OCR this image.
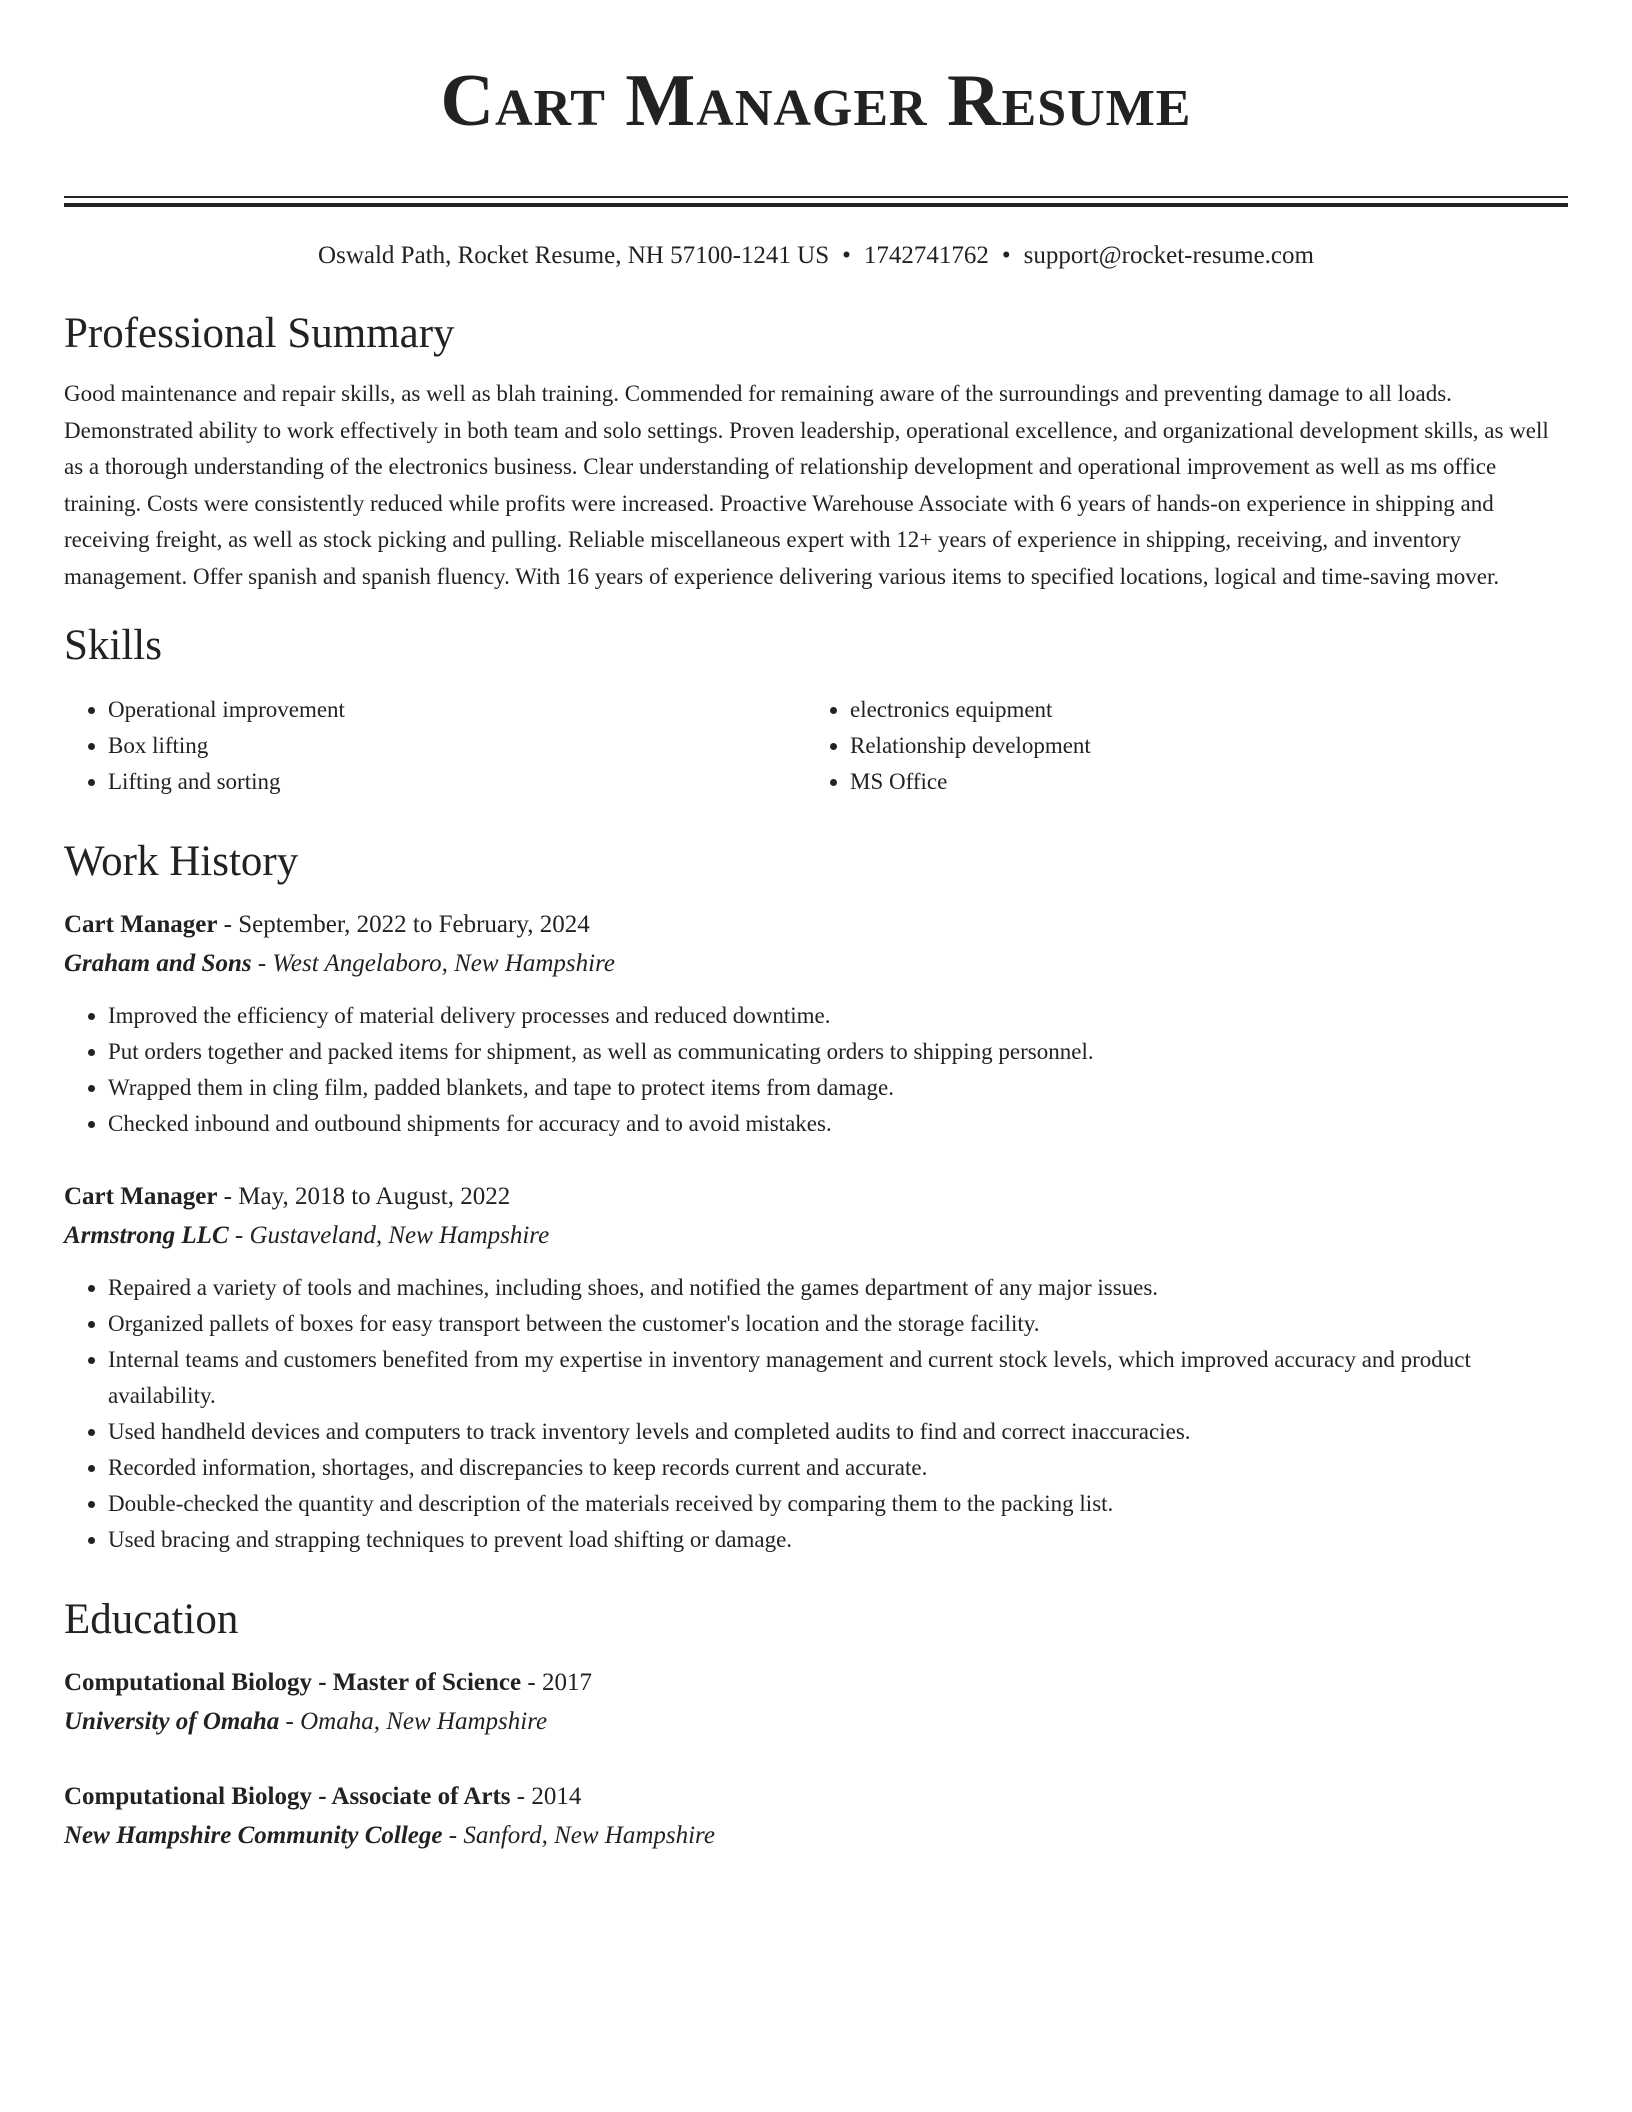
Cart Manager Resume
Oswald Path, Rocket Resume, NH 57100-1241 US • 1742741762 • support@rocket-resume.com
Professional Summary

Good maintenance and repair skills, as well as blah training. Commended for remaining aware of the surroundings and preventing damage to all loads. Demonstrated ability to work effectively in both team and solo settings. Proven leadership, operational excellence, and organizational development skills, as well as a thorough understanding of the electronics business. Clear understanding of relationship development and operational improvement as well as ms office training. Costs were consistently reduced while profits were increased. Proactive Warehouse Associate with 6 years of hands-on experience in shipping and receiving freight, as well as stock picking and pulling. Reliable miscellaneous expert with 12+ years of experience in shipping, receiving, and inventory management. Offer spanish and spanish fluency. With 16 years of experience delivering various items to specified locations, logical and time-saving mover.

Skills
• Operational improvement
• Box lifting
• Lifting and sorting
• electronics equipment
• Relationship development
• MS Office
Work History
Cart Manager - September, 2022 to February, 2024
Graham and Sons - West Angelaboro, New Hampshire
• Improved the efficiency of material delivery processes and reduced downtime.
• Put orders together and packed items for shipment, as well as communicating orders to shipping personnel.
• Wrapped them in cling film, padded blankets, and tape to protect items from damage.
• Checked inbound and outbound shipments for accuracy and to avoid mistakes.
Cart Manager - May, 2018 to August, 2022
Armstrong LLC - Gustaveland, New Hampshire
• Repaired a variety of tools and machines, including shoes, and notified the games department of any major issues.
• Organized pallets of boxes for easy transport between the customer's location and the storage facility.
• Internal teams and customers benefited from my expertise in inventory management and current stock levels, which improved accuracy and product availability.
• Used handheld devices and computers to track inventory levels and completed audits to find and correct inaccuracies.
• Recorded information, shortages, and discrepancies to keep records current and accurate.
• Double-checked the quantity and description of the materials received by comparing them to the packing list.
• Used bracing and strapping techniques to prevent load shifting or damage.
Education
Computational Biology - Master of Science - 2017
University of Omaha - Omaha, New Hampshire
Computational Biology - Associate of Arts - 2014
New Hampshire Community College - Sanford, New Hampshire
